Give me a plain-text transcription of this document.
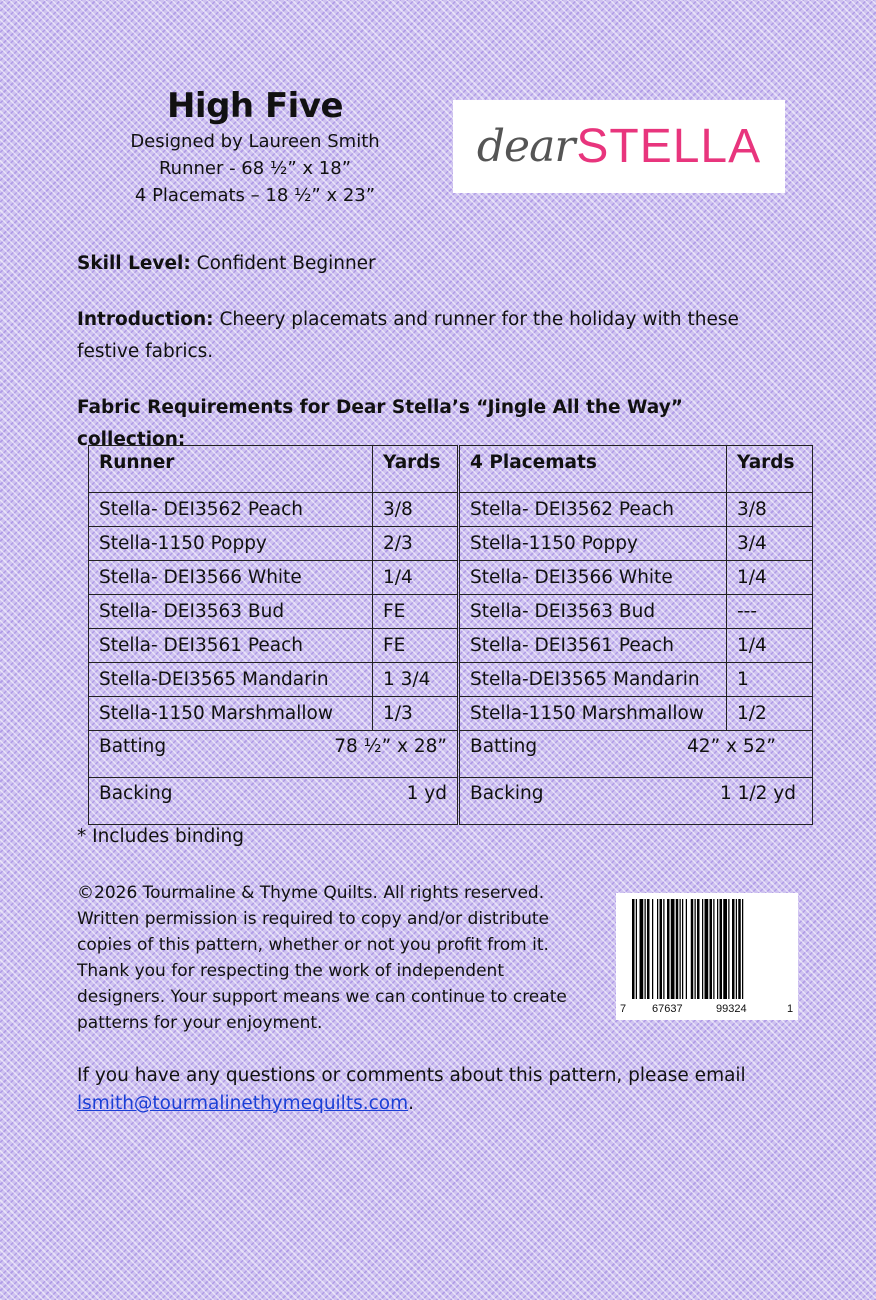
High Five
Designed by Laureen Smith
Runner - 68 ½” x 18”
4 Placemats – 18 ½” x 23”
dear STELLA
Skill Level: Confident Beginner
Introduction: Cheery placemats and runner for the holiday with these festive fabrics.
Fabric Requirements for Dear Stella’s “Jingle All the Way” collection:
Runner	Yards	4 Placemats	Yards
Stella- DEI3562 Peach	3/8	Stella- DEI3562 Peach	3/8
Stella-1150 Poppy	2/3	Stella-1150 Poppy	3/4
Stella- DEI3566 White	1/4	Stella- DEI3566 White	1/4
Stella- DEI3563 Bud	FE	Stella- DEI3563 Bud	---
Stella- DEI3561 Peach	FE	Stella- DEI3561 Peach	1/4
Stella-DEI3565 Mandarin	1 3/4	Stella-DEI3565 Mandarin	1
Stella-1150 Marshmallow	1/3	Stella-1150 Marshmallow	1/2

Batting 78 ½” x 28”		Batting 42” x 52”	

Backing 1 yd		Backing 1 1/2 yd	
* Includes binding
©2026 Tourmaline & Thyme Quilts. All rights reserved. Written permission is required to copy and/or distribute copies of this pattern, whether or not you profit from it. Thank you for respecting the work of independent designers. Your support means we can continue to create patterns for your enjoyment.
7 67637	99324	1
If you have any questions or comments about this pattern, please email
lsmith@tourmalinethymequilts.com.
